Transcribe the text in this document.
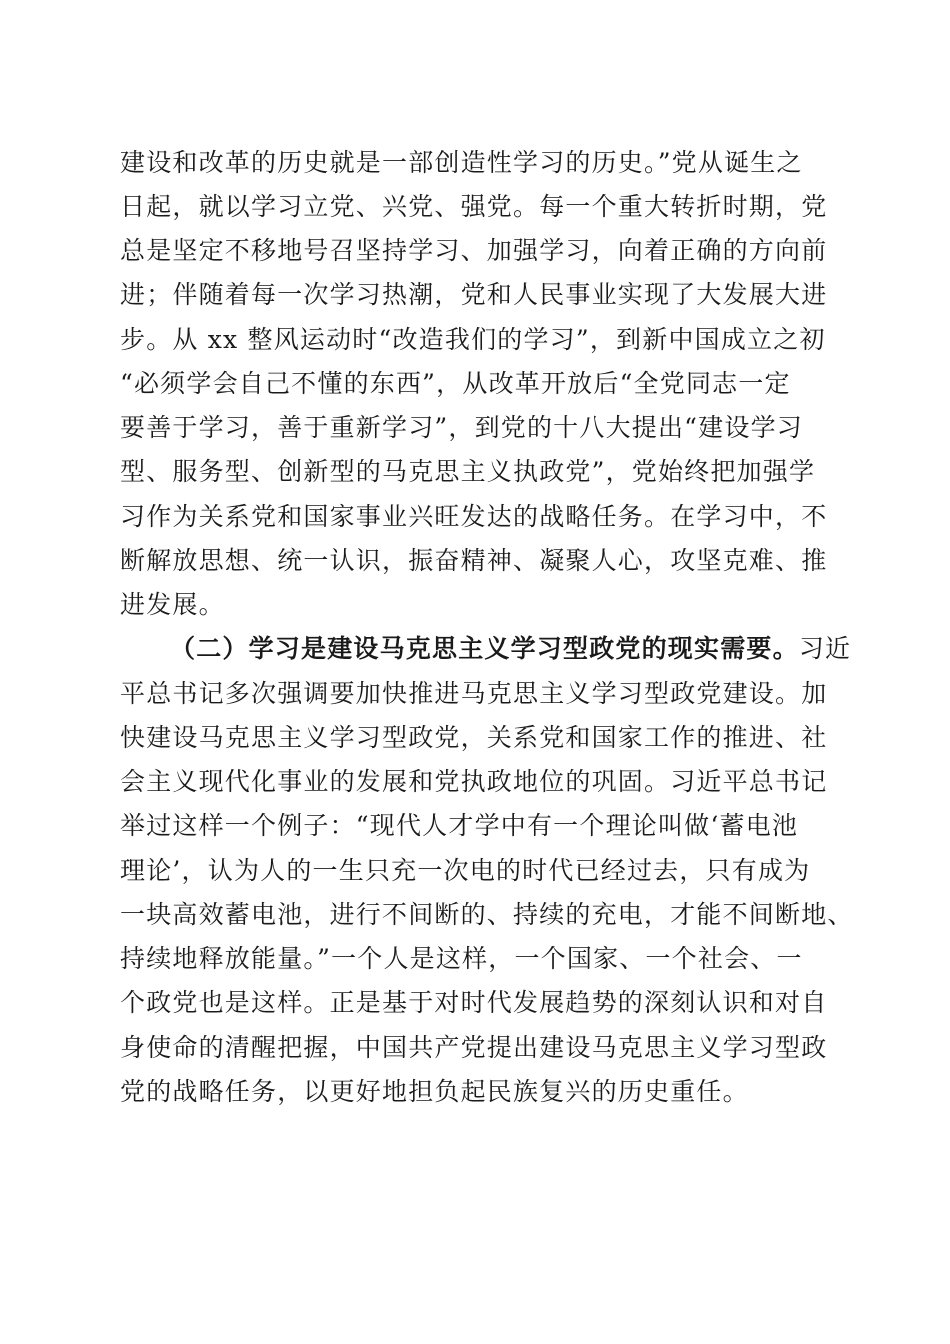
建设和改革的历史就是一部创造性学习的历史。”党从诞生之
日起，就以学习立党、兴党、强党。每一个重大转折时期，党
总是坚定不移地号召坚持学习、加强学习，向着正确的方向前
进；伴随着每一次学习热潮，党和人民事业实现了大发展大进
步。从 xx 整风运动时“改造我们的学习”，到新中国成立之初
“必须学会自己不懂的东西”，从改革开放后“全党同志一定
要善于学习，善于重新学习”，到党的十八大提出“建设学习
型、服务型、创新型的马克思主义执政党”，党始终把加强学
习作为关系党和国家事业兴旺发达的战略任务。在学习中，不
断解放思想、统一认识，振奋精神、凝聚人心，攻坚克难、推
进发展。
（二）学习是建设马克思主义学习型政党的现实需要。习近
平总书记多次强调要加快推进马克思主义学习型政党建设。加
快建设马克思主义学习型政党，关系党和国家工作的推进、社
会主义现代化事业的发展和党执政地位的巩固。习近平总书记
举过这样一个例子：“现代人才学中有一个理论叫做‘蓄电池
理论’，认为人的一生只充一次电的时代已经过去，只有成为
一块高效蓄电池，进行不间断的、持续的充电，才能不间断地、
持续地释放能量。”一个人是这样，一个国家、一个社会、一
个政党也是这样。正是基于对时代发展趋势的深刻认识和对自
身使命的清醒把握，中国共产党提出建设马克思主义学习型政
党的战略任务，以更好地担负起民族复兴的历史重任。
